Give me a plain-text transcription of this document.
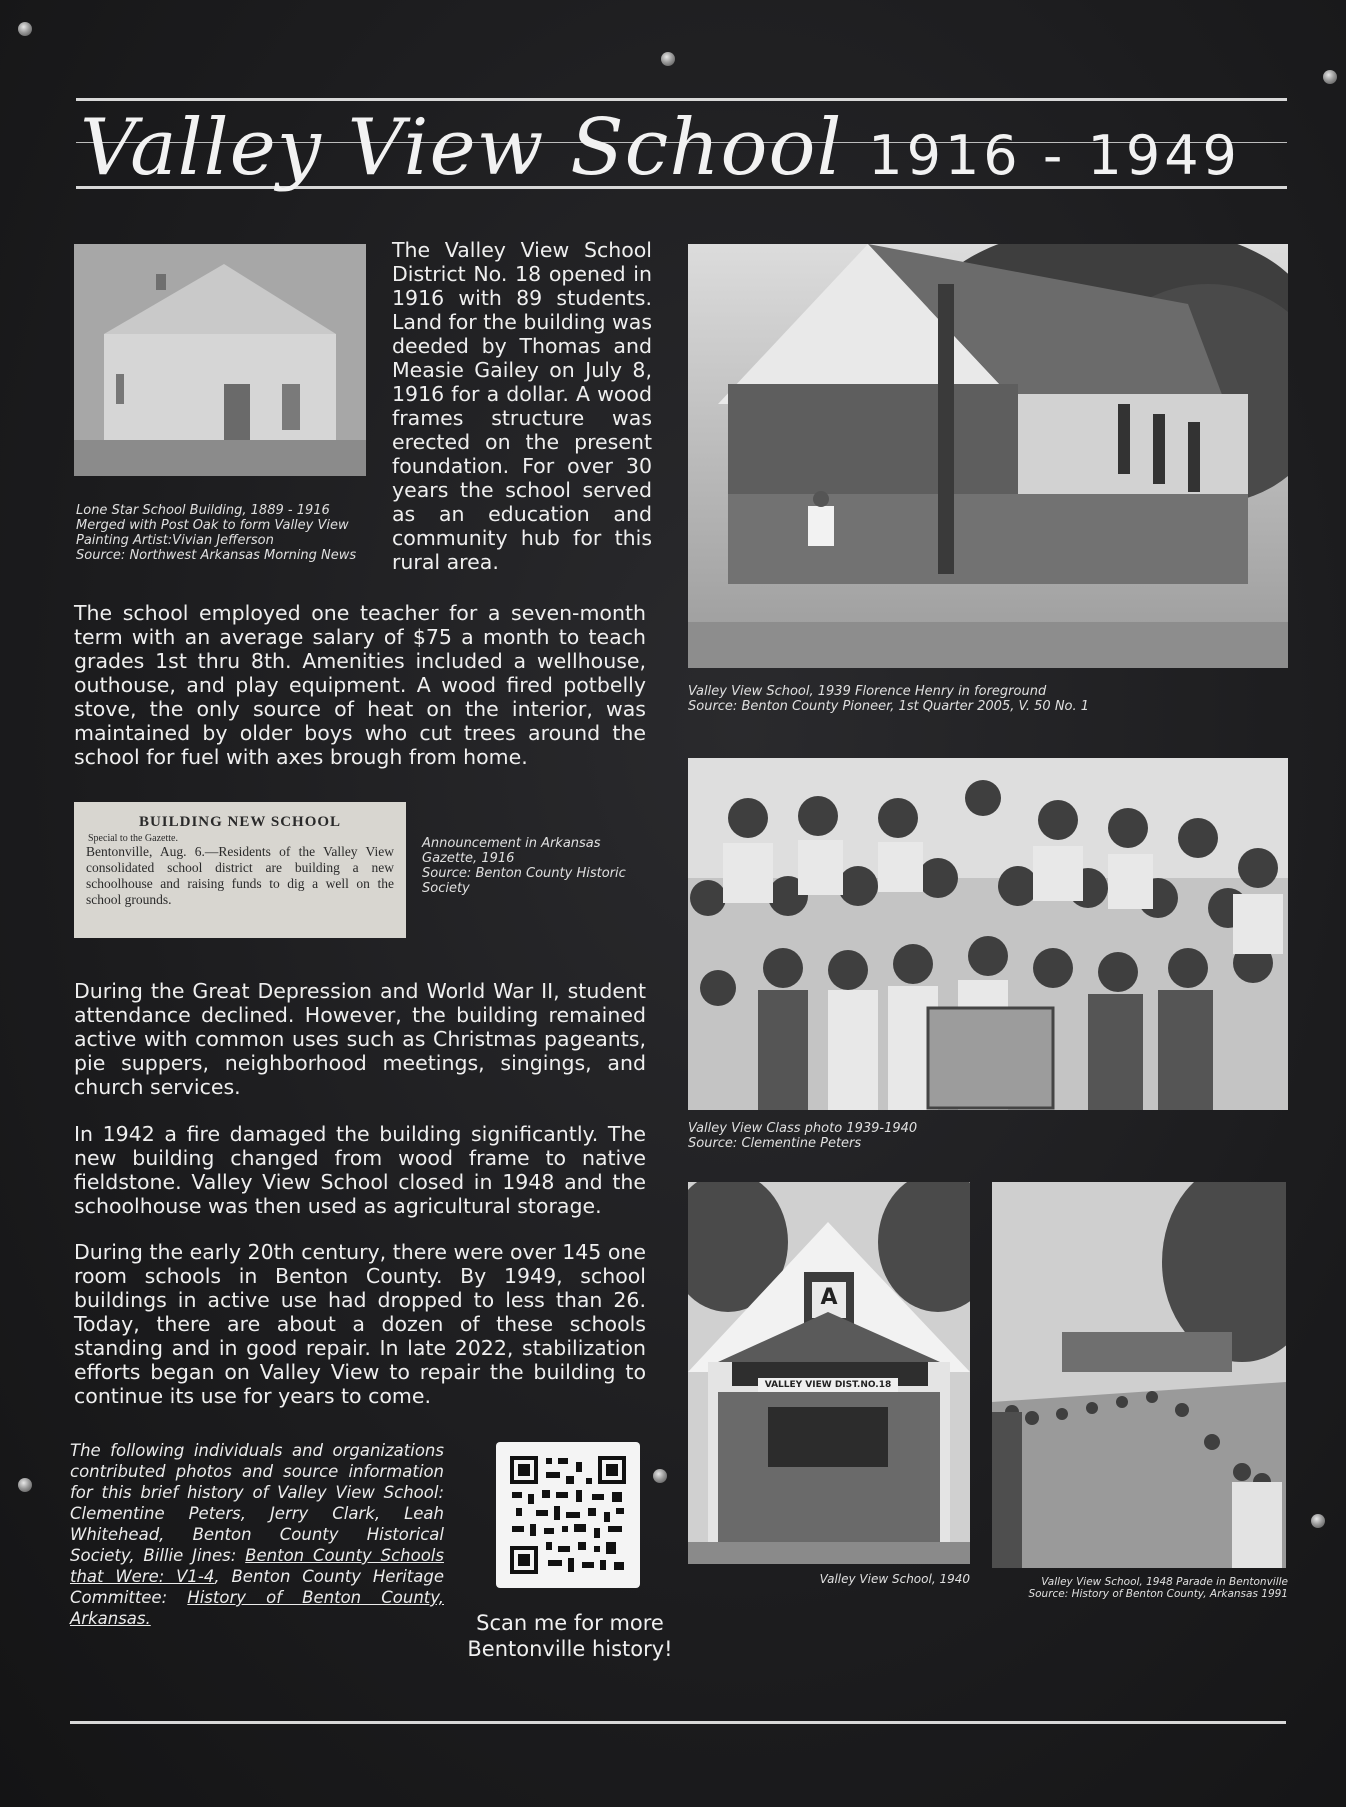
Valley View School 1916 - 1949
Lone Star School Building, 1889 - 1916
Merged with Post Oak to form Valley View
Painting Artist:Vivian Jefferson
Source: Northwest Arkansas Morning News

The Valley View School District No. 18 opened in 1916 with 89 students. Land for the building was deeded by Thomas and Measie Gailey on July 8, 1916 for a dollar. A wood frames structure was erected on the present foundation. For over 30 years the school served as an education and community hub for this rural area.

The school employed one teacher for a seven-month term with an average salary of $75 a month to teach grades 1st thru 8th. Amenities included a wellhouse, outhouse, and play equipment. A wood fired potbelly stove, the only source of heat on the interior, was maintained by older boys who cut trees around the school for fuel with axes brough from home.

BUILDING NEW SCHOOL
Special to the Gazette.

Bentonville, Aug. 6.—Residents of the Valley View consolidated school district are building a new schoolhouse and raising funds to dig a well on the school grounds.

Announcement in Arkansas
Gazette, 1916
Source: Benton County Historic
Society

During the Great Depression and World War II, student attendance declined. However, the building remained active with common uses such as Christmas pageants, pie suppers, neighborhood meetings, singings, and church services.

In 1942 a fire damaged the building significantly. The new building changed from wood frame to native fieldstone. Valley View School closed in 1948 and the schoolhouse was then used as agricultural storage.

During the early 20th century, there were over 145 one room schools in Benton County. By 1949, school buildings in active use had dropped to less than 26. Today, there are about a dozen of these schools standing and in good repair. In late 2022, stabilization efforts began on Valley View to repair the building to continue its use for years to come.

The following individuals and organizations contributed photos and source information for this brief history of Valley View School: Clementine Peters, Jerry Clark, Leah Whitehead, Benton County Historical Society, Billie Jines: Benton County Schools that Were: V1-4, Benton County Heritage Committee: History of Benton County, Arkansas.	Scan me for more Bentonville history!
Valley View School, 1939 Florence Henry in foreground
Source: Benton County Pioneer, 1st Quarter 2005, V. 50 No. 1
Valley View Class photo 1939-1940
Source: Clementine Peters
A
VALLEY VIEW DIST.NO.18
Valley View School, 1940	Valley View School, 1948 Parade in Bentonville
Source: History of Benton County, Arkansas 1991
